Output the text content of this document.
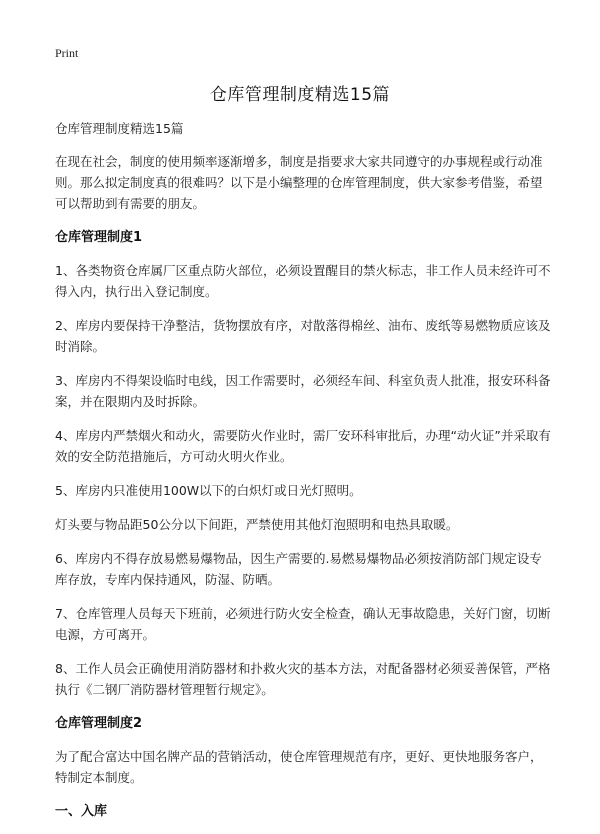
Print
仓库管理制度精选15篇

仓库管理制度精选15篇

在现在社会，制度的使用频率逐渐增多，制度是指要求大家共同遵守的办事规程或行动准则。那么拟定制度真的很难吗？以下是小编整理的仓库管理制度，供大家参考借鉴，希望可以帮助到有需要的朋友。

仓库管理制度1

1、各类物资仓库属厂区重点防火部位，必须设置醒目的禁火标志，非工作人员未经许可不得入内，执行出入登记制度。

2、库房内要保持干净整洁，货物摆放有序，对散落得棉丝、油布、废纸等易燃物质应该及时消除。

3、库房内不得架设临时电线，因工作需要时，必须经车间、科室负责人批准，报安环科备案，并在限期内及时拆除。

4、库房内严禁烟火和动火，需要防火作业时，需厂安环科审批后，办理“动火证”并采取有效的安全防范措施后，方可动火明火作业。

5、库房内只准使用100W以下的白炽灯或日光灯照明。

灯头要与物品距50公分以下间距，严禁使用其他灯泡照明和电热具取暖。

6、库房内不得存放易燃易爆物品，因生产需要的.易燃易爆物品必须按消防部门规定设专库存放，专库内保持通风，防湿、防晒。

7、仓库管理人员每天下班前，必须进行防火安全检查，确认无事故隐患，关好门窗，切断电源，方可离开。

8、工作人员会正确使用消防器材和扑救火灾的基本方法，对配备器材必须妥善保管，严格执行《二钢厂消防器材管理暂行规定》。

仓库管理制度2

为了配合富达中国名牌产品的营销活动，使仓库管理规范有序，更好、更快地服务客户，特制定本制度。

一、入库
